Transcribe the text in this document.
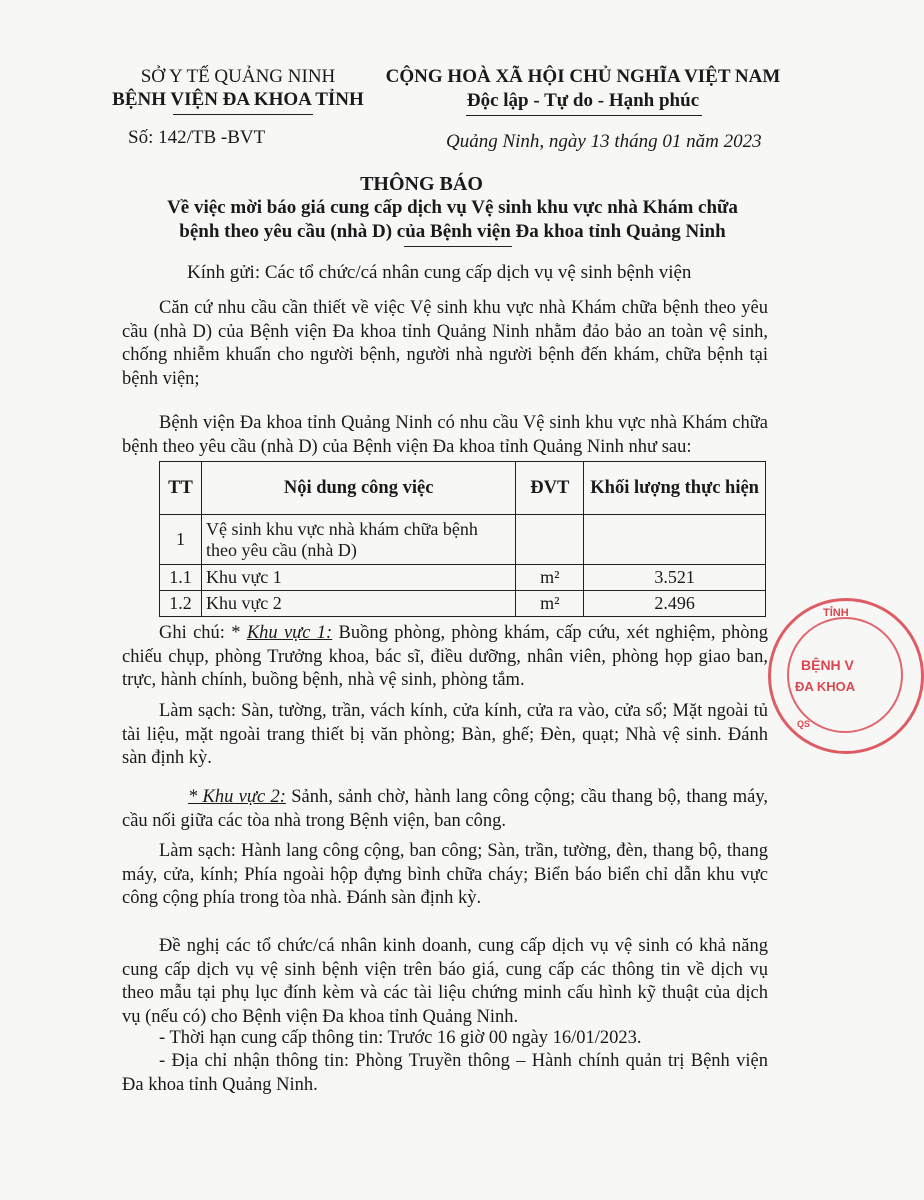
SỞ Y TẾ QUẢNG NINH
BỆNH VIỆN ĐA KHOA TỈNH
Số: 142/TB -BVT
CỘNG HOÀ XÃ HỘI CHỦ NGHĨA VIỆT NAM
Độc lập - Tự do - Hạnh phúc
Quảng Ninh, ngày 13 tháng 01 năm 2023
THÔNG BÁO
Về việc mời báo giá cung cấp dịch vụ Vệ sinh khu vực nhà Khám chữa
bệnh theo yêu cầu (nhà D) của Bệnh viện Đa khoa tỉnh Quảng Ninh
Kính gửi: Các tổ chức/cá nhân cung cấp dịch vụ vệ sinh bệnh viện
Căn cứ nhu cầu cần thiết về việc Vệ sinh khu vực nhà Khám chữa bệnh theo yêu cầu (nhà D) của Bệnh viện Đa khoa tỉnh Quảng Ninh nhằm đảo bảo an toàn vệ sinh, chống nhiễm khuẩn cho người bệnh, người nhà người bệnh đến khám, chữa bệnh tại bệnh viện;
Bệnh viện Đa khoa tỉnh Quảng Ninh có nhu cầu Vệ sinh khu vực nhà Khám chữa bệnh theo yêu cầu (nhà D) của Bệnh viện Đa khoa tỉnh Quảng Ninh như sau:
TT	Nội dung công việc	ĐVT	Khối lượng thực hiện
1	Vệ sinh khu vực nhà khám chữa bệnh theo yêu cầu (nhà D)		
1.1	Khu vực 1	m²	3.521
1.2	Khu vực 2	m²	2.496
Ghi chú: * Khu vực 1: Buồng phòng, phòng khám, cấp cứu, xét nghiệm, phòng chiếu chụp, phòng Trưởng khoa, bác sĩ, điều dưỡng, nhân viên, phòng họp giao ban, trực, hành chính, buồng bệnh, nhà vệ sinh, phòng tắm.
Làm sạch: Sàn, tường, trần, vách kính, cửa kính, cửa ra vào, cửa sổ; Mặt ngoài tủ tài liệu, mặt ngoài trang thiết bị văn phòng; Bàn, ghế; Đèn, quạt; Nhà vệ sinh. Đánh sàn định kỳ.
* Khu vực 2: Sảnh, sảnh chờ, hành lang công cộng; cầu thang bộ, thang máy, cầu nối giữa các tòa nhà trong Bệnh viện, ban công.
Làm sạch: Hành lang công cộng, ban công; Sàn, trần, tường, đèn, thang bộ, thang máy, cửa, kính; Phía ngoài hộp đựng bình chữa cháy; Biển báo biển chỉ dẫn khu vực công cộng phía trong tòa nhà. Đánh sàn định kỳ.
Đề nghị các tổ chức/cá nhân kinh doanh, cung cấp dịch vụ vệ sinh có khả năng cung cấp dịch vụ vệ sinh bệnh viện trên báo giá, cung cấp các thông tin về dịch vụ theo mẫu tại phụ lục đính kèm và các tài liệu chứng minh cấu hình kỹ thuật của dịch vụ (nếu có) cho Bệnh viện Đa khoa tỉnh Quảng Ninh.
- Thời hạn cung cấp thông tin: Trước 16 giờ 00 ngày 16/01/2023.
- Địa chỉ nhận thông tin: Phòng Truyền thông – Hành chính quản trị Bệnh viện Đa khoa tỉnh Quảng Ninh.
TỈNH
BỆNH V
ĐA KHOA
QS
